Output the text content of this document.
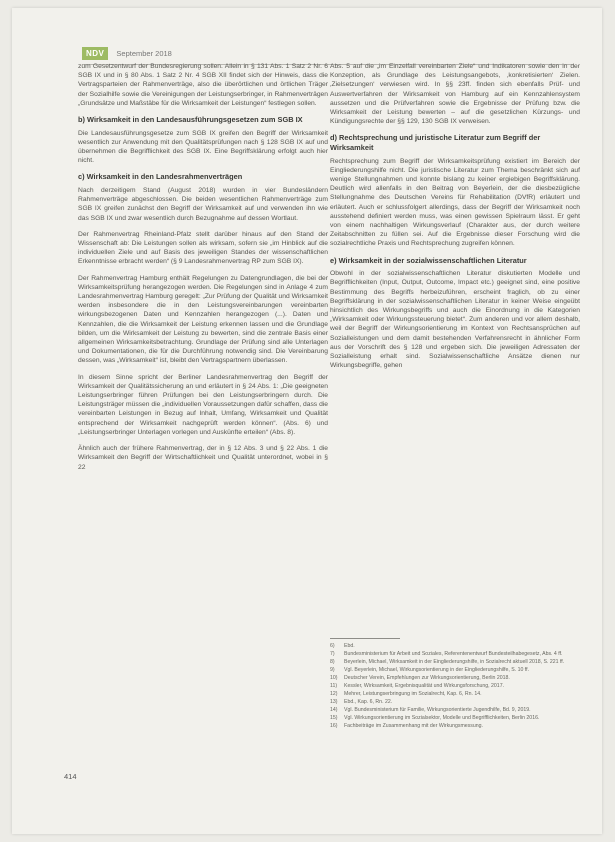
NDV	September 2018

zum Gesetzentwurf der Bundesregierung sollen. Allein in § 131 Abs. 1 Satz 2 Nr. 6 SGB IX und in § 80 Abs. 1 Satz 2 Nr. 4 SGB XII findet sich der Hinweis, dass die Vertragsparteien der Rahmenverträge, also die überörtlichen und örtlichen Träger der Sozialhilfe sowie die Vereinigungen der Leistungserbringer, in Rahmenverträgen „Grundsätze und Maßstäbe für die Wirksamkeit der Leistungen“ festlegen sollen.

b) Wirksamkeit in den Landesausführungsgesetzen zum SGB IX

Die Landesausführungsgesetze zum SGB IX greifen den Begriff der Wirksamkeit wesentlich zur Anwendung mit den Qualitätsprüfungen nach § 128 SGB IX auf und übernehmen die Begrifflichkeit des SGB IX. Eine Begriffsklärung erfolgt auch hier nicht.

c) Wirksamkeit in den Landesrahmenverträgen

Nach derzeitigem Stand (August 2018) wurden in vier Bundesländern Rahmenverträge abgeschlossen. Die beiden wesentlichen Rahmenverträge zum SGB IX greifen zunächst den Begriff der Wirksamkeit auf und verwenden ihn wie das SGB IX und zwar wesentlich durch Bezugnahme auf dessen Wortlaut.

Der Rahmenvertrag Rheinland-Pfalz stellt darüber hinaus auf den Stand der Wissenschaft ab: Die Leistungen sollen als wirksam, sofern sie „im Hinblick auf die individuellen Ziele und auf Basis des jeweiligen Standes der wissenschaftlichen Erkenntnisse erbracht werden“ (§ 9 Landesrahmenvertrag RP zum SGB IX).

Der Rahmenvertrag Hamburg enthält Regelungen zu Datengrundlagen, die bei der Wirksamkeitsprüfung herangezogen werden. Die Regelungen sind in Anlage 4 zum Landesrahmenvertrag Hamburg geregelt: „Zur Prüfung der Qualität und Wirksamkeit werden insbesondere die in den Leistungsvereinbarungen vereinbarten wirkungsbezogenen Daten und Kennzahlen herangezogen (...). Daten und Kennzahlen, die die Wirksamkeit der Leistung erkennen lassen und die Grundlage bilden, um die Wirksamkeit der Leistung zu bewerten, sind die zentrale Basis einer allgemeinen Wirksamkeitsbetrachtung. Grundlage der Prüfung sind alle Unterlagen und Dokumentationen, die für die Durchführung notwendig sind. Die Vereinbarung dessen, was „Wirksamkeit“ ist, bleibt den Vertragspartnern überlassen.

In diesem Sinne spricht der Berliner Landesrahmenvertrag den Begriff der Wirksamkeit der Qualitätssicherung an und erläutert in § 24 Abs. 1: „Die geeigneten Leistungserbringer führen Prüfungen bei den Leistungserbringern durch. Die Leistungsträger müssen die „individuellen Voraussetzungen dafür schaffen, dass die vereinbarten Leistungen in Bezug auf Inhalt, Umfang, Wirksamkeit und Qualität entsprechend der Wirksamkeit nachgeprüft werden können“. (Abs. 6) und „Leistungserbringer Unterlagen vorlegen und Auskünfte erteilen“ (Abs. 8).

Ähnlich auch der frühere Rahmenvertrag, der in § 12 Abs. 3 und § 22 Abs. 1 die Wirksamkeit den Begriff der Wirtschaftlichkeit und Qualität unterordnet, wobei in § 22

Abs. 5 auf die „im Einzelfall vereinbarten Ziele“ und Indikatoren sowie den in der Konzeption, als Grundlage des Leistungsangebots, ‚konkretisierten‘ Zielen. ‚Zielsetzungen‘ verwiesen wird. In §§ 23ff. finden sich ebenfalls Prüf- und Auswertverfahren der Wirksamkeit von Hamburg auf ein Kennzahlensystem aussetzen und die Prüfverfahren sowie die Ergebnisse der Prüfung bzw. die Wirksamkeit der Leistung bewerten – auf die gesetzlichen Kürzungs- und Kündigungsrechte der §§ 129, 130 SGB IX verweisen.

d) Rechtsprechung und juristische Literatur zum Begriff der Wirksamkeit

Rechtsprechung zum Begriff der Wirksamkeitsprüfung existiert im Bereich der Eingliederungshilfe nicht. Die juristische Literatur zum Thema beschränkt sich auf wenige Stellungnahmen und konnte bislang zu keiner ergiebigen Begriffsklärung. Deutlich wird allenfalls in den Beitrag von Beyerlein, der die diesbezügliche Stellungnahme des Deutschen Vereins für Rehabilitation (DVfR) erläutert und erläutert. Auch er schlussfolgert allerdings, dass der Begriff der Wirksamkeit noch ausstehend definiert werden muss, was einen gewissen Spielraum lässt. Er geht von einem nachhaltigen Wirkungsverlauf (Charakter aus, der durch weitere Zeitabschnitten zu füllen sei. Auf die Ergebnisse dieser Forschung wird die sozialrechtliche Praxis und Rechtsprechung zugreifen können.

e) Wirksamkeit in der sozialwissenschaftlichen Literatur

Obwohl in der sozialwissenschaftlichen Literatur diskutierten Modelle und Begrifflichkeiten (Input, Output, Outcome, Impact etc.) geeignet sind, eine positive Bestimmung des Begriffs herbeizuführen, erscheint fraglich, ob zu einer Begriffsklärung in der sozialwissenschaftlichen Literatur in keiner Weise eingeübt hinsichtlich des Wirkungsbegriffs und auch die Einordnung in die Kategorien „Wirksamkeit oder Wirkungssteuerung bietet“. Zum anderen und vor allem deshalb, weil der Begriff der Wirkungsorientierung im Kontext von Rechtsansprüchen auf Sozialleistungen und dem damit bestehenden Verfahrensrecht in ähnlicher Form aus der Vorschrift des § 128 und ergeben sich. Die jeweiligen Adressaten der Sozialleistung erhalt sind. Sozialwissenschaftliche Ansätze dienen nur Wirkungsbegriffe, gehen

6)	Ebd.
7)	Bundesministerium für Arbeit und Soziales, Referentenentwurf Bundesteilhabegesetz, Abs. 4 ff.
8)	Beyerlein, Michael, Wirksamkeit in der Eingliederungshilfe, in Sozialrecht aktuell 2018, S. 221 ff.
9)	Vgl. Beyerlein, Michael, Wirkungsorientierung in der Eingliederungshilfe, S. 10 ff.
10)	Deutscher Verein, Empfehlungen zur Wirkungsorientierung, Berlin 2018.
11)	Kessler, Wirksamkeit, Ergebnisqualität und Wirkungsforschung, 2017.
12)	Mehrer, Leistungserbringung im Sozialrecht, Kap. 6, Rn. 14.
13)	Ebd., Kap. 6, Rn. 22.
14)	Vgl. Bundesministerium für Familie, Wirkungsorientierte Jugendhilfe, Bd. 9, 2019.
15)	Vgl. Wirkungsorientierung im Sozialsektor, Modelle und Begrifflichkeiten, Berlin 2016.
16)	Fachbeiträge im Zusammenhang mit der Wirkungsmessung.
414
